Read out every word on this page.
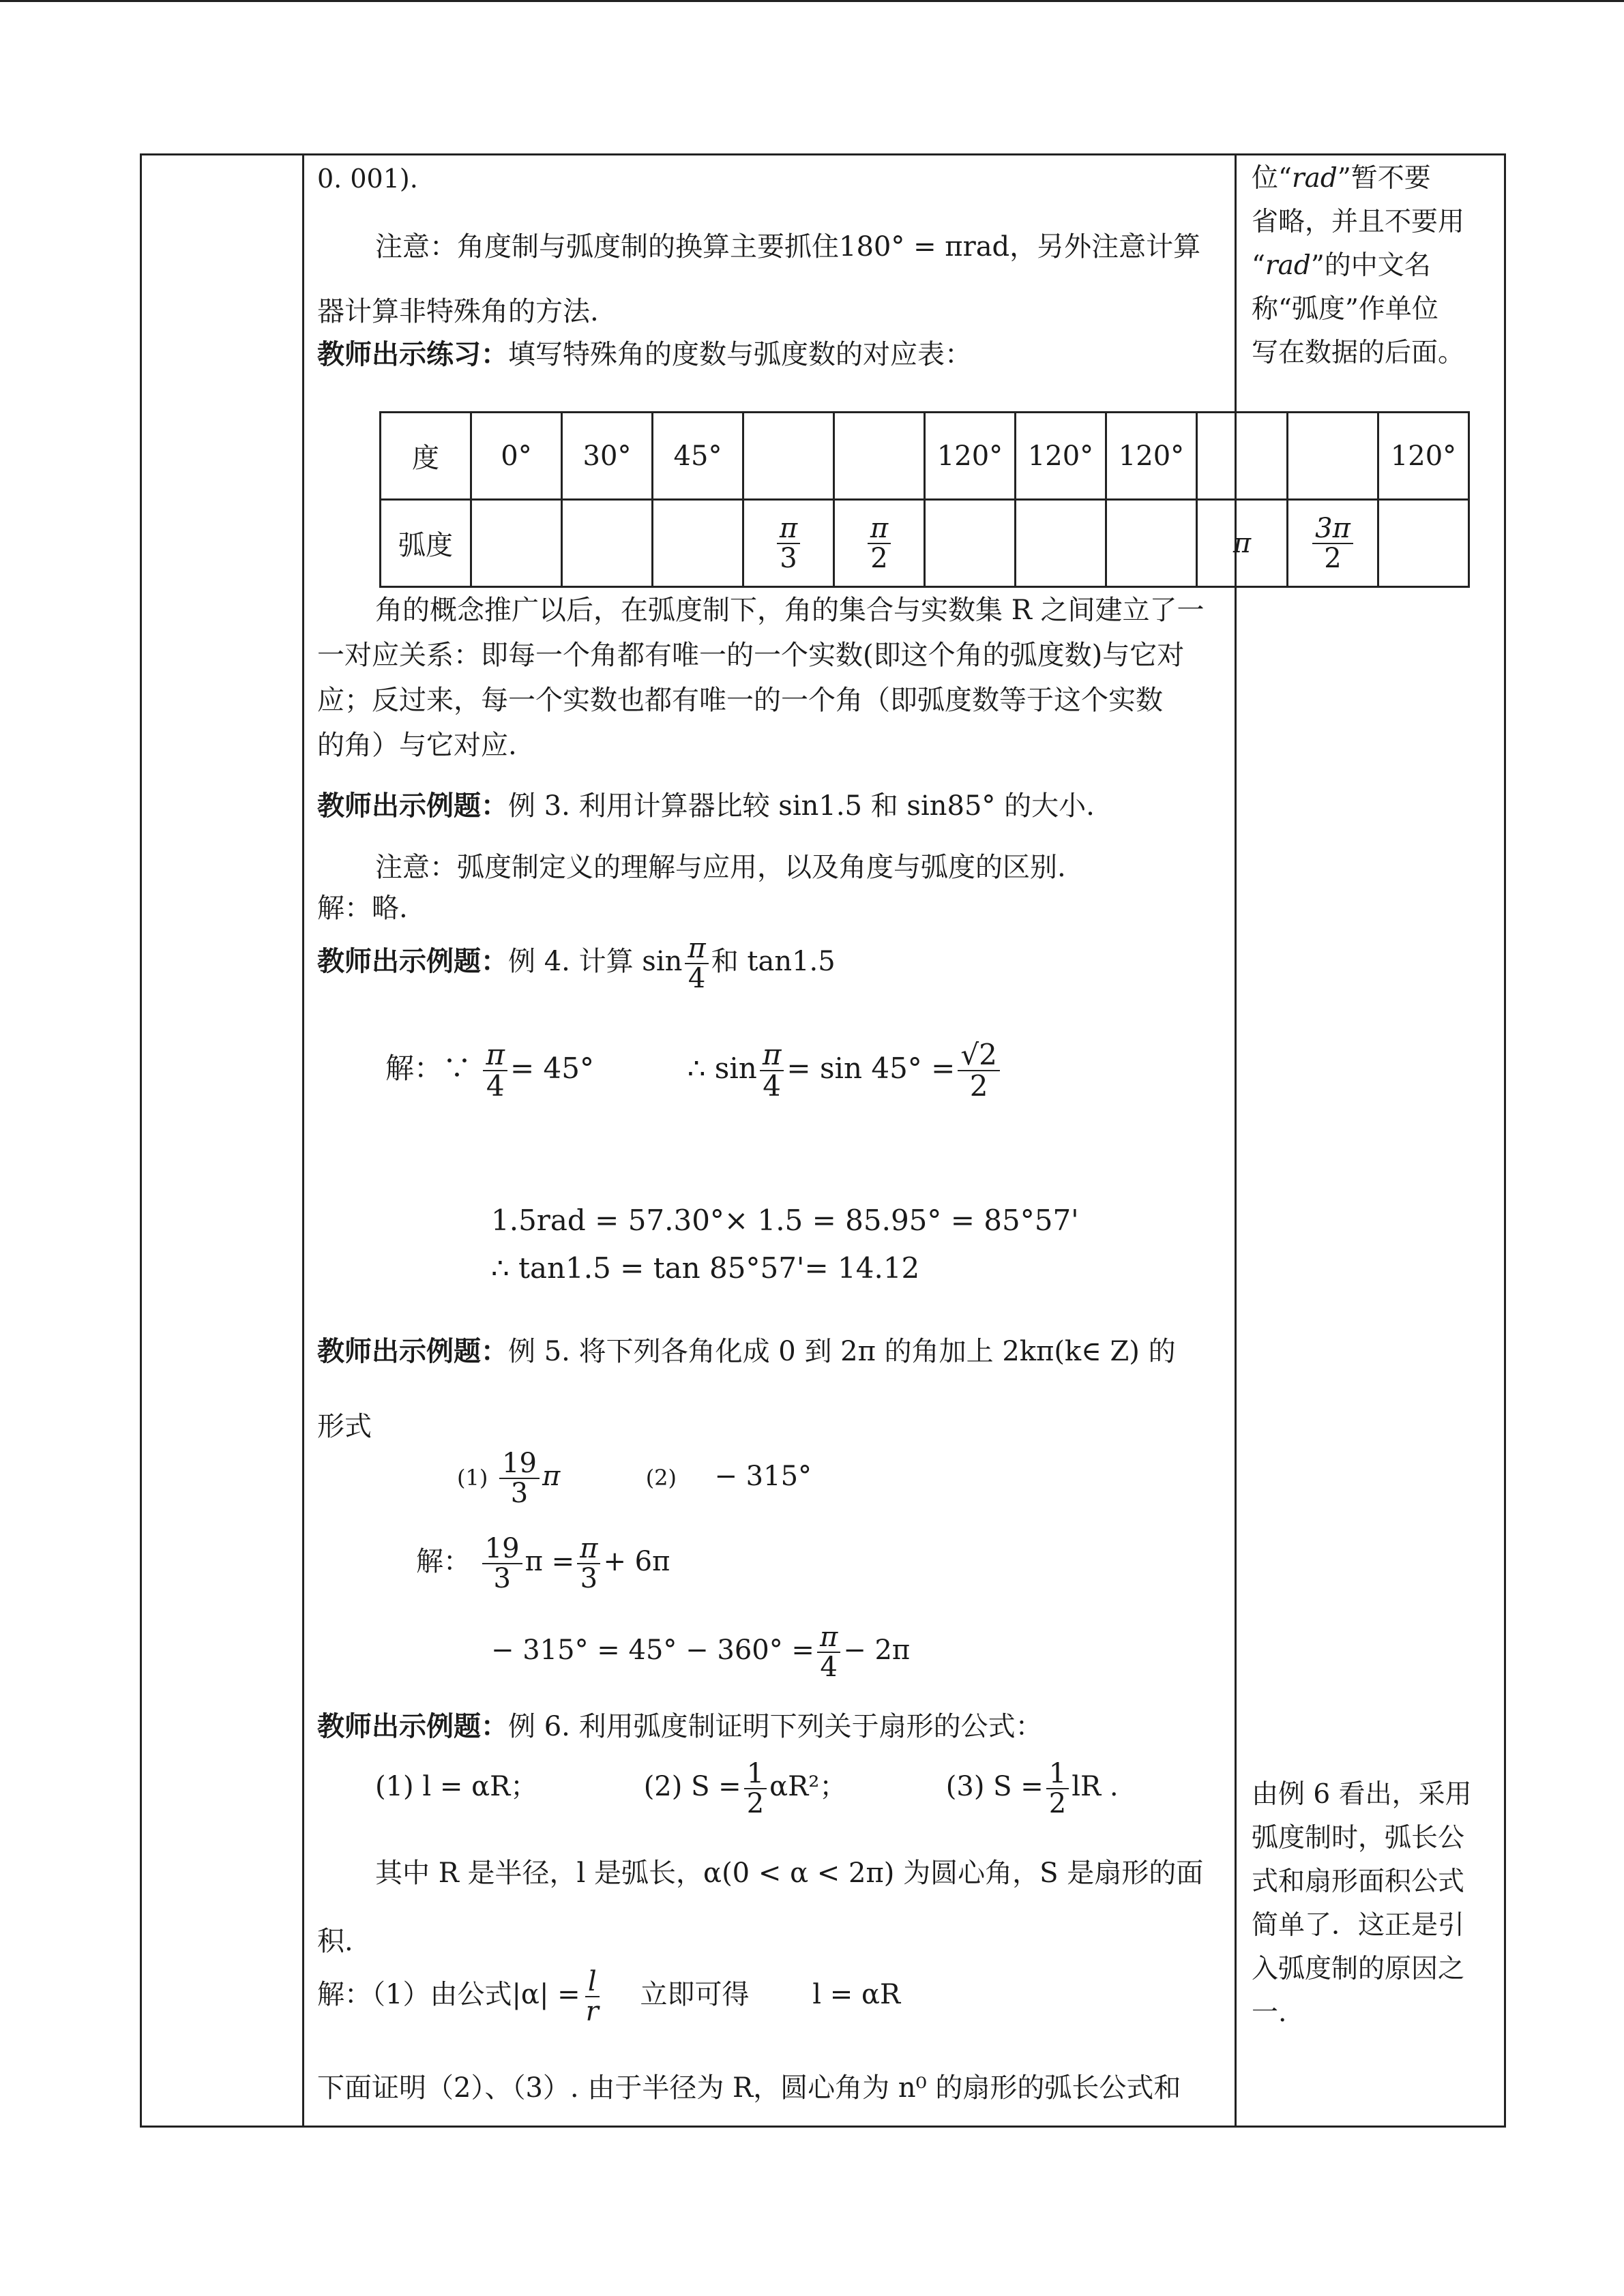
位“rad”暂不要
省略，并且不要用
“rad”的中文名
称“弧度”作单位
写在数据的后面。
由例 6 看出，采用
弧度制时，弧长公
式和扇形面积公式
简单了．这正是引
入弧度制的原因之
一.
0. 001).
注意：角度制与弧度制的换算主要抓住180° = πrad，另外注意计算
器计算非特殊角的方法.
教师出示练习：填写特殊角的度数与弧度数的对应表：
度	0°	30°	45°			120°	120°	120°			120°
弧度				$\frac{\pi}{3}$	$\frac{\pi}{2}$				π	$\frac{3\pi}{2}$

角的概念推广以后，在弧度制下，角的集合与实数集 R 之间建立了一
一对应关系：即每一个角都有唯一的一个实数(即这个角的弧度数)与它对
应；反过来，每一个实数也都有唯一的一个角（即弧度数等于这个实数
的角）与它对应.
教师出示例题：例 3. 利用计算器比较 sin1.5 和 sin85° 的大小.
注意：弧度制定义的理解与应用，以及角度与弧度的区别.
解：略.
教师出示例题：例 4. 计算 $\sin \frac{\pi}{4}$ 和 tan1.5
解：∵ $\frac{\pi}{4} = 45^\circ$	∴ $\sin \frac{\pi}{4} = \sin 45^\circ = \frac{√2}{2}$
1.5rad = 57.30°× 1.5 = 85.95° = 85°57'
∴ tan1.5 = tan 85°57'= 14.12
教师出示例题：例 5. 将下列各角化成 0 到 2π 的角加上 2kπ(k∈ Z) 的
形式
$(1) \frac{19}{3}$ π	(2) − 315°
解： $\frac{19}{3}$ $\pi = \frac{\pi}{3} + 6\pi$
− $315^\circ = 45^\circ - 360^\circ = \frac{\pi}{4} - 2\pi$
教师出示例题：例 6. 利用弧度制证明下列关于扇形的公式：
(1) l = αR；	(2) $S = \frac{1}{2} \alpha R^2$；	(3) $S = \frac{1}{2}$ lR .
其中 R 是半径，l 是弧长，α(0 < α < 2π) 为圆心角，S 是扇形的面
积.
解：（1）由公式$|\alpha| = \frac{l}{r}$ 立即可得 l = αR
下面证明（2）、（3）. 由于半径为 R，圆心角为 n⁰ 的扇形的弧长公式和
